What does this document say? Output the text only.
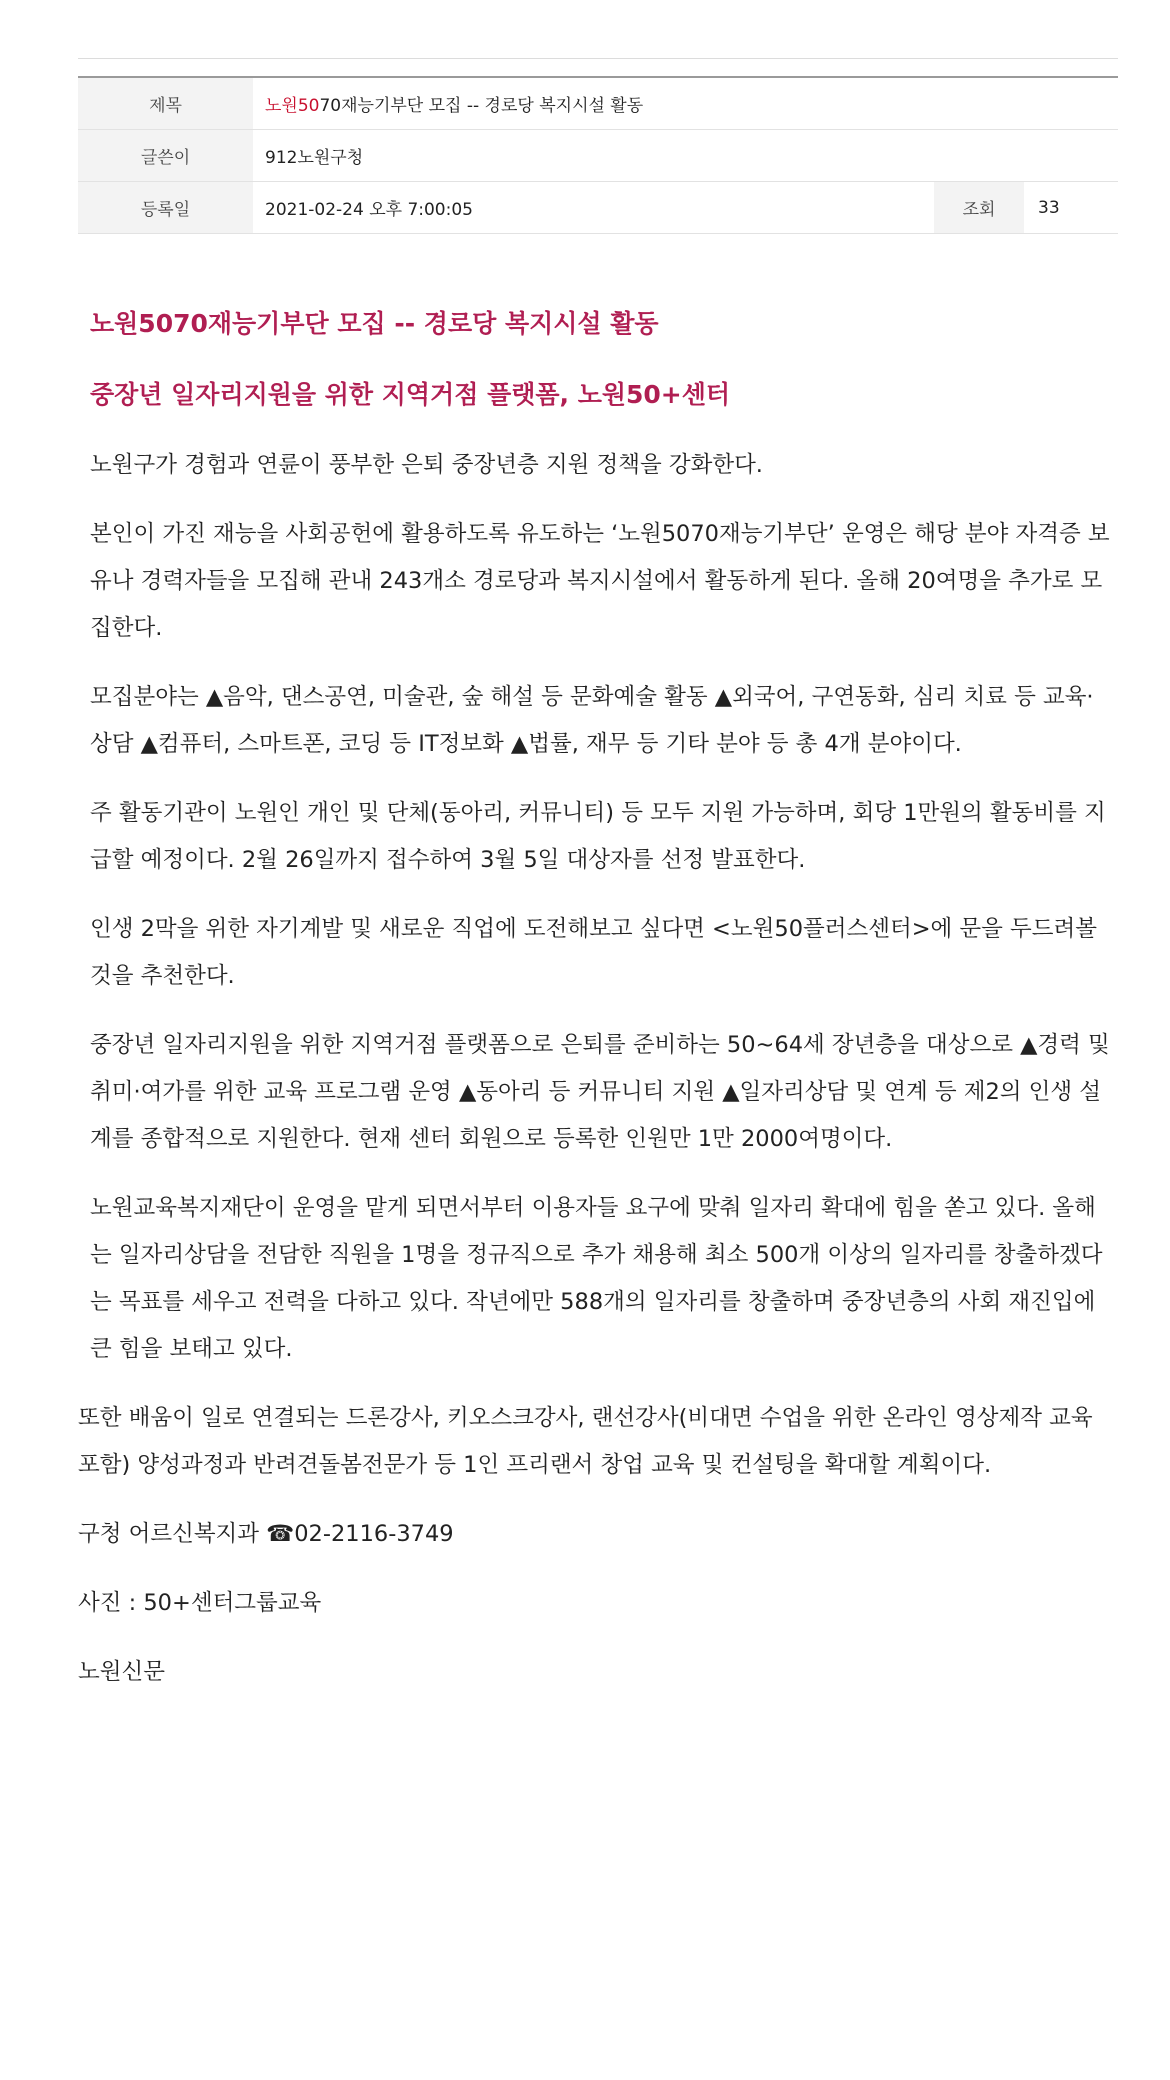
제목	노원5070재능기부단 모집 -- 경로당 복지시설 활동		
글쓴이	912노원구청		
등록일	2021-02-24 오후 7:00:05	조회	33

노원5070재능기부단 모집 -- 경로당 복지시설 활동

중장년 일자리지원을 위한 지역거점 플랫폼, 노원50+센터

노원구가 경험과 연륜이 풍부한 은퇴 중장년층 지원 정책을 강화한다.

본인이 가진 재능을 사회공헌에 활용하도록 유도하는 ‘노원5070재능기부단’ 운영은 해당 분야 자격증 보유나 경력자들을 모집해 관내 243개소 경로당과 복지시설에서 활동하게 된다. 올해 20여명을 추가로 모집한다.

모집분야는 ▲음악, 댄스공연, 미술관, 숲 해설 등 문화예술 활동 ▲외국어, 구연동화, 심리 치료 등 교육·상담 ▲컴퓨터, 스마트폰, 코딩 등 IT정보화 ▲법률, 재무 등 기타 분야 등 총 4개 분야이다.

주 활동기관이 노원인 개인 및 단체(동아리, 커뮤니티) 등 모두 지원 가능하며, 회당 1만원의 활동비를 지급할 예정이다. 2월 26일까지 접수하여 3월 5일 대상자를 선정 발표한다.

인생 2막을 위한 자기계발 및 새로운 직업에 도전해보고 싶다면 <노원50플러스센터>에 문을 두드려볼 것을 추천한다.

중장년 일자리지원을 위한 지역거점 플랫폼으로 은퇴를 준비하는 50~64세 장년층을 대상으로 ▲경력 및 취미·여가를 위한 교육 프로그램 운영 ▲동아리 등 커뮤니티 지원 ▲일자리상담 및 연계 등 제2의 인생 설계를 종합적으로 지원한다. 현재 센터 회원으로 등록한 인원만 1만 2000여명이다.

노원교육복지재단이 운영을 맡게 되면서부터 이용자들 요구에 맞춰 일자리 확대에 힘을 쏟고 있다. 올해는 일자리상담을 전담한 직원을 1명을 정규직으로 추가 채용해 최소 500개 이상의 일자리를 창출하겠다는 목표를 세우고 전력을 다하고 있다. 작년에만 588개의 일자리를 창출하며 중장년층의 사회 재진입에 큰 힘을 보태고 있다.

또한 배움이 일로 연결되는 드론강사, 키오스크강사, 랜선강사(비대면 수업을 위한 온라인 영상제작 교육 포함) 양성과정과 반려견돌봄전문가 등 1인 프리랜서 창업 교육 및 컨설팅을 확대할 계획이다.

구청 어르신복지과 ☎02-2116-3749

사진 : 50+센터그룹교육

노원신문
